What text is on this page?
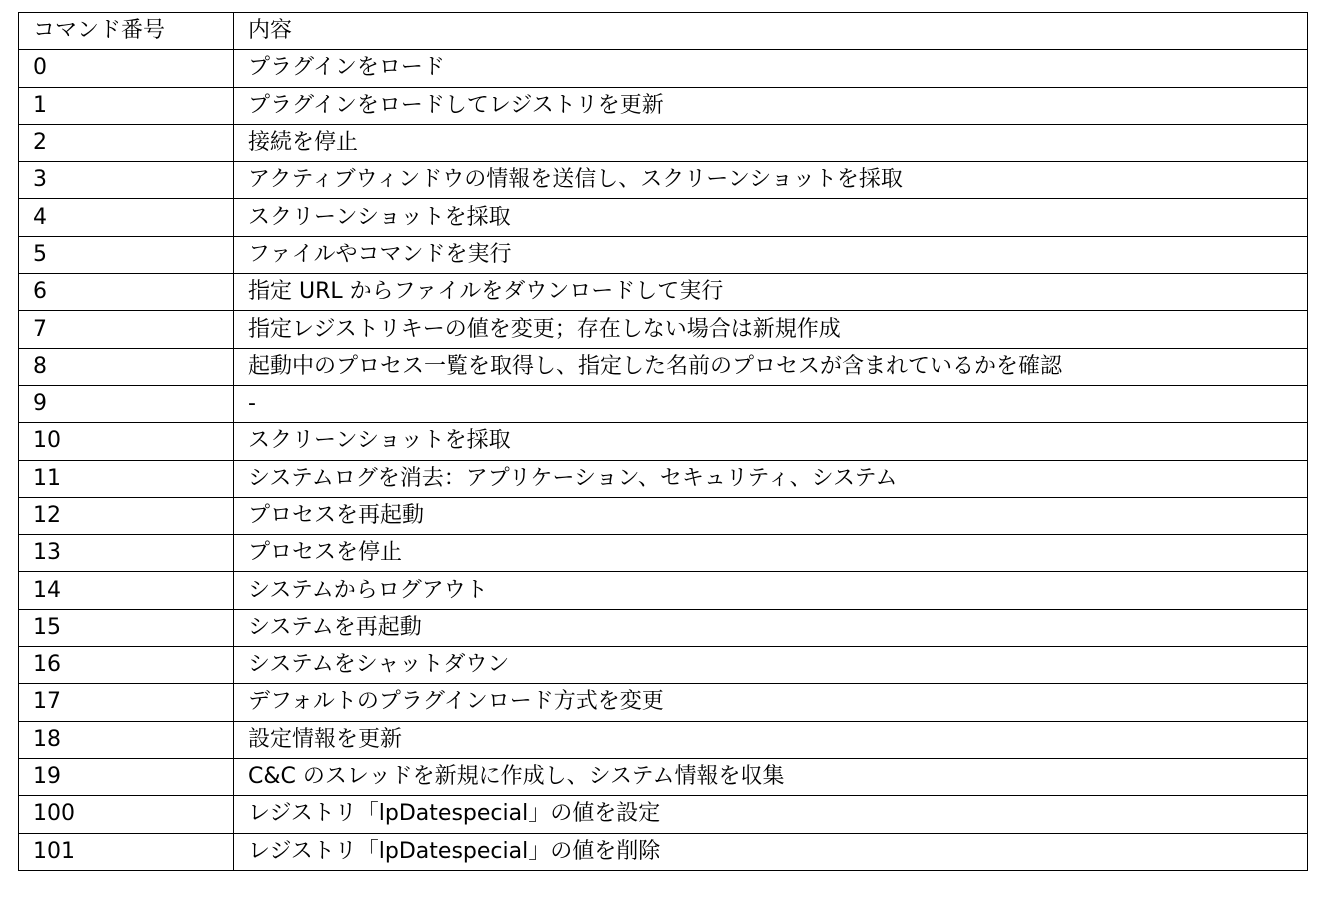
コマンド番号	内容
0	プラグインをロード
1	プラグインをロードしてレジストリを更新
2	接続を停止
3	アクティブウィンドウの情報を送信し、スクリーンショットを採取
4	スクリーンショットを採取
5	ファイルやコマンドを実行
6	指定 URL からファイルをダウンロードして実行
7	指定レジストリキーの値を変更；存在しない場合は新規作成
8	起動中のプロセス一覧を取得し、指定した名前のプロセスが含まれているかを確認
9	-
10	スクリーンショットを採取
11	システムログを消去：アプリケーション、セキュリティ、システム
12	プロセスを再起動
13	プロセスを停止
14	システムからログアウト
15	システムを再起動
16	システムをシャットダウン
17	デフォルトのプラグインロード方式を変更
18	設定情報を更新
19	C&C のスレッドを新規に作成し、システム情報を収集
100	レジストリ「lpDatespecial」の値を設定
101	レジストリ「lpDatespecial」の値を削除
